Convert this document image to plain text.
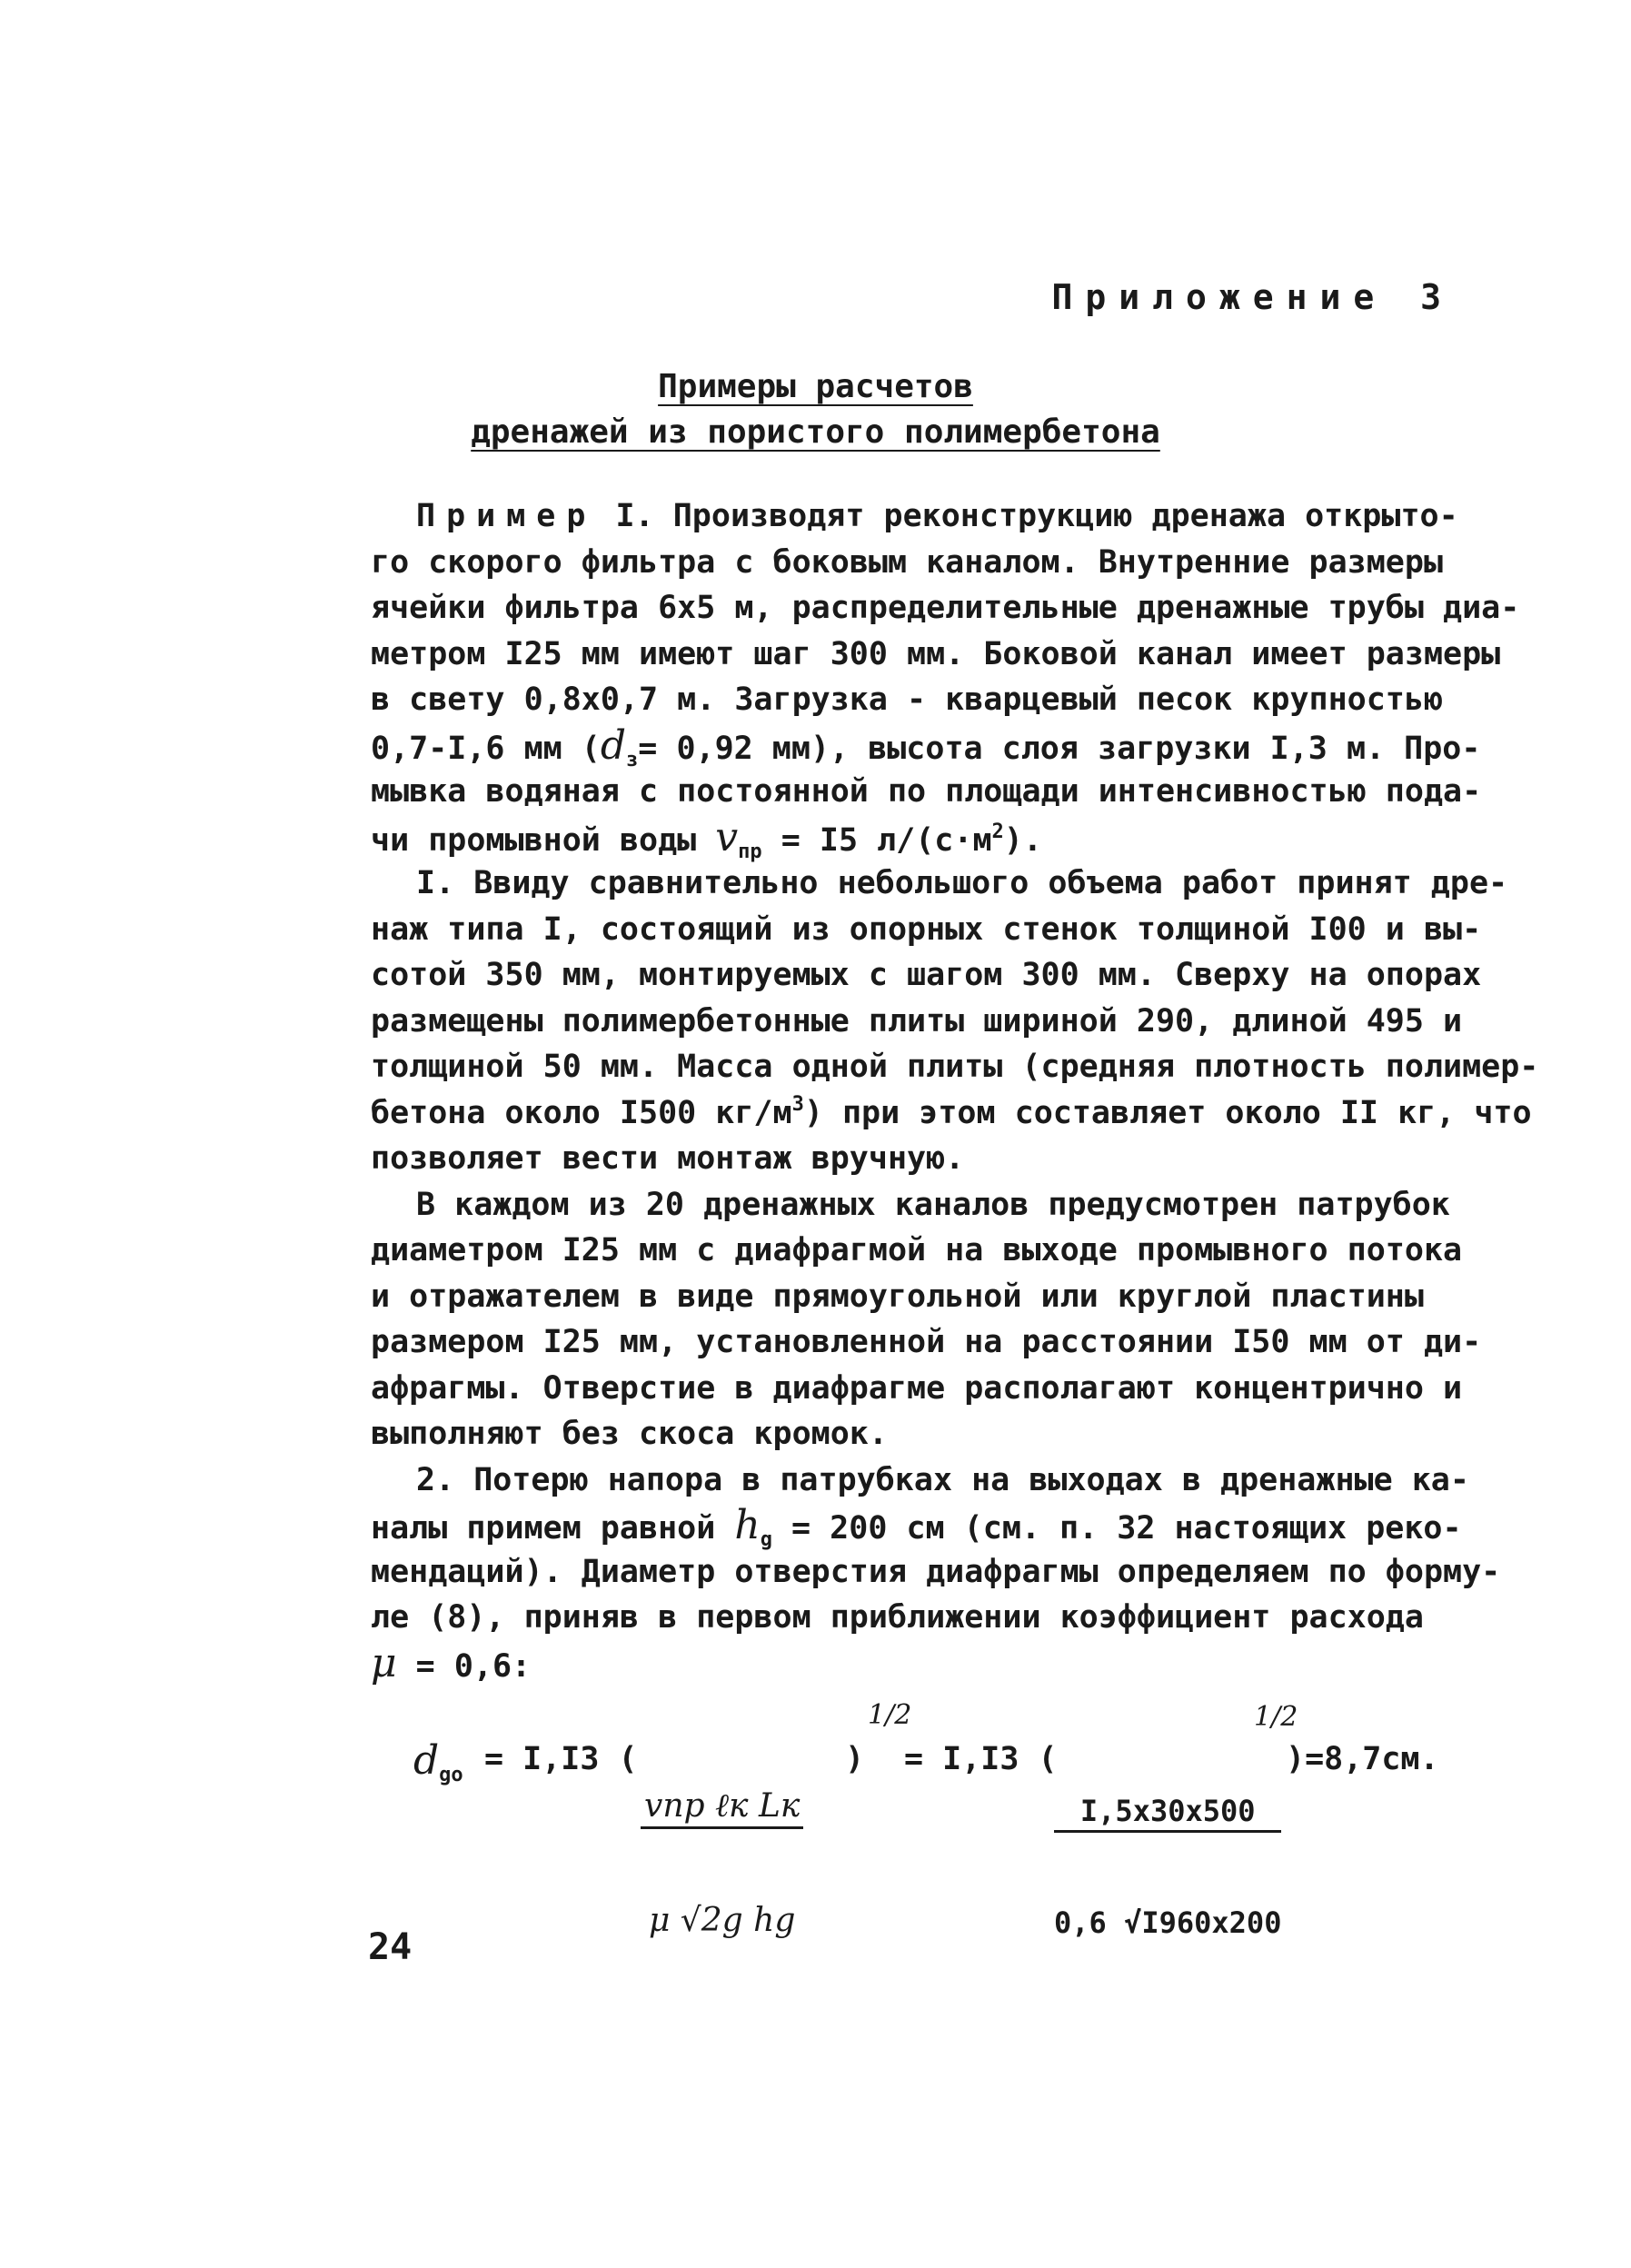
Приложение 3
Примеры расчетов
дренажей из пористого полимербетона
Пример I. Производят реконструкцию дренажа открыто-
го скорого фильтра с боковым каналом. Внутренние размеры
ячейки фильтра 6x5 м, распределительные дренажные трубы диа-
метром I25 мм имеют шаг 300 мм. Боковой канал имеет размеры
в свету 0,8x0,7 м. Загрузка - кварцевый песок крупностью
0,7-I,6 мм ($d_з= 0,92$ мм), высота слоя загрузки I,3 м. Про-
мывка водяная с постоянной по площади интенсивностью пода-
чи промывной воды $v_{пр} = I5$ $л/(с\cdot м^2)$.
I. Ввиду сравнительно небольшого объема работ принят дре-
наж типа I, состоящий из опорных стенок толщиной I00 и вы-
сотой 350 мм, монтируемых с шагом 300 мм. Сверху на опорах
размещены полимербетонные плиты шириной 290, длиной 495 и
толщиной 50 мм. Масса одной плиты (средняя плотность полимер-
бетона около I500 $кг/м^3$) при этом составляет около II кг, что
позволяет вести монтаж вручную.
В каждом из 20 дренажных каналов предусмотрен патрубок
диаметром I25 мм с диафрагмой на выходе промывного потока
и отражателем в виде прямоугольной или круглой пластины
размером I25 мм, установленной на расстоянии I50 мм от ди-
афрагмы. Отверстие в диафрагме располагают концентрично и
выполняют без скоса кромок.
2. Потерю напора в патрубках на выходах в дренажные ка-
налы примем равной $h_g = 200$ см (см. п. 32 настоящих реко-
мендаций). Диаметр отверстия диафрагмы определяем по форму-
ле (8), приняв в первом приближении коэффициент расхода
μ = 0,6:
$d_{go} = I,I3$ (

vпр ℓк Lк

μ √2g hg

)
1/2
= I,I3 (

$\frac{I,5x30x500}{0,6 √I960x200}$

)=8,7см.
1/2
24
